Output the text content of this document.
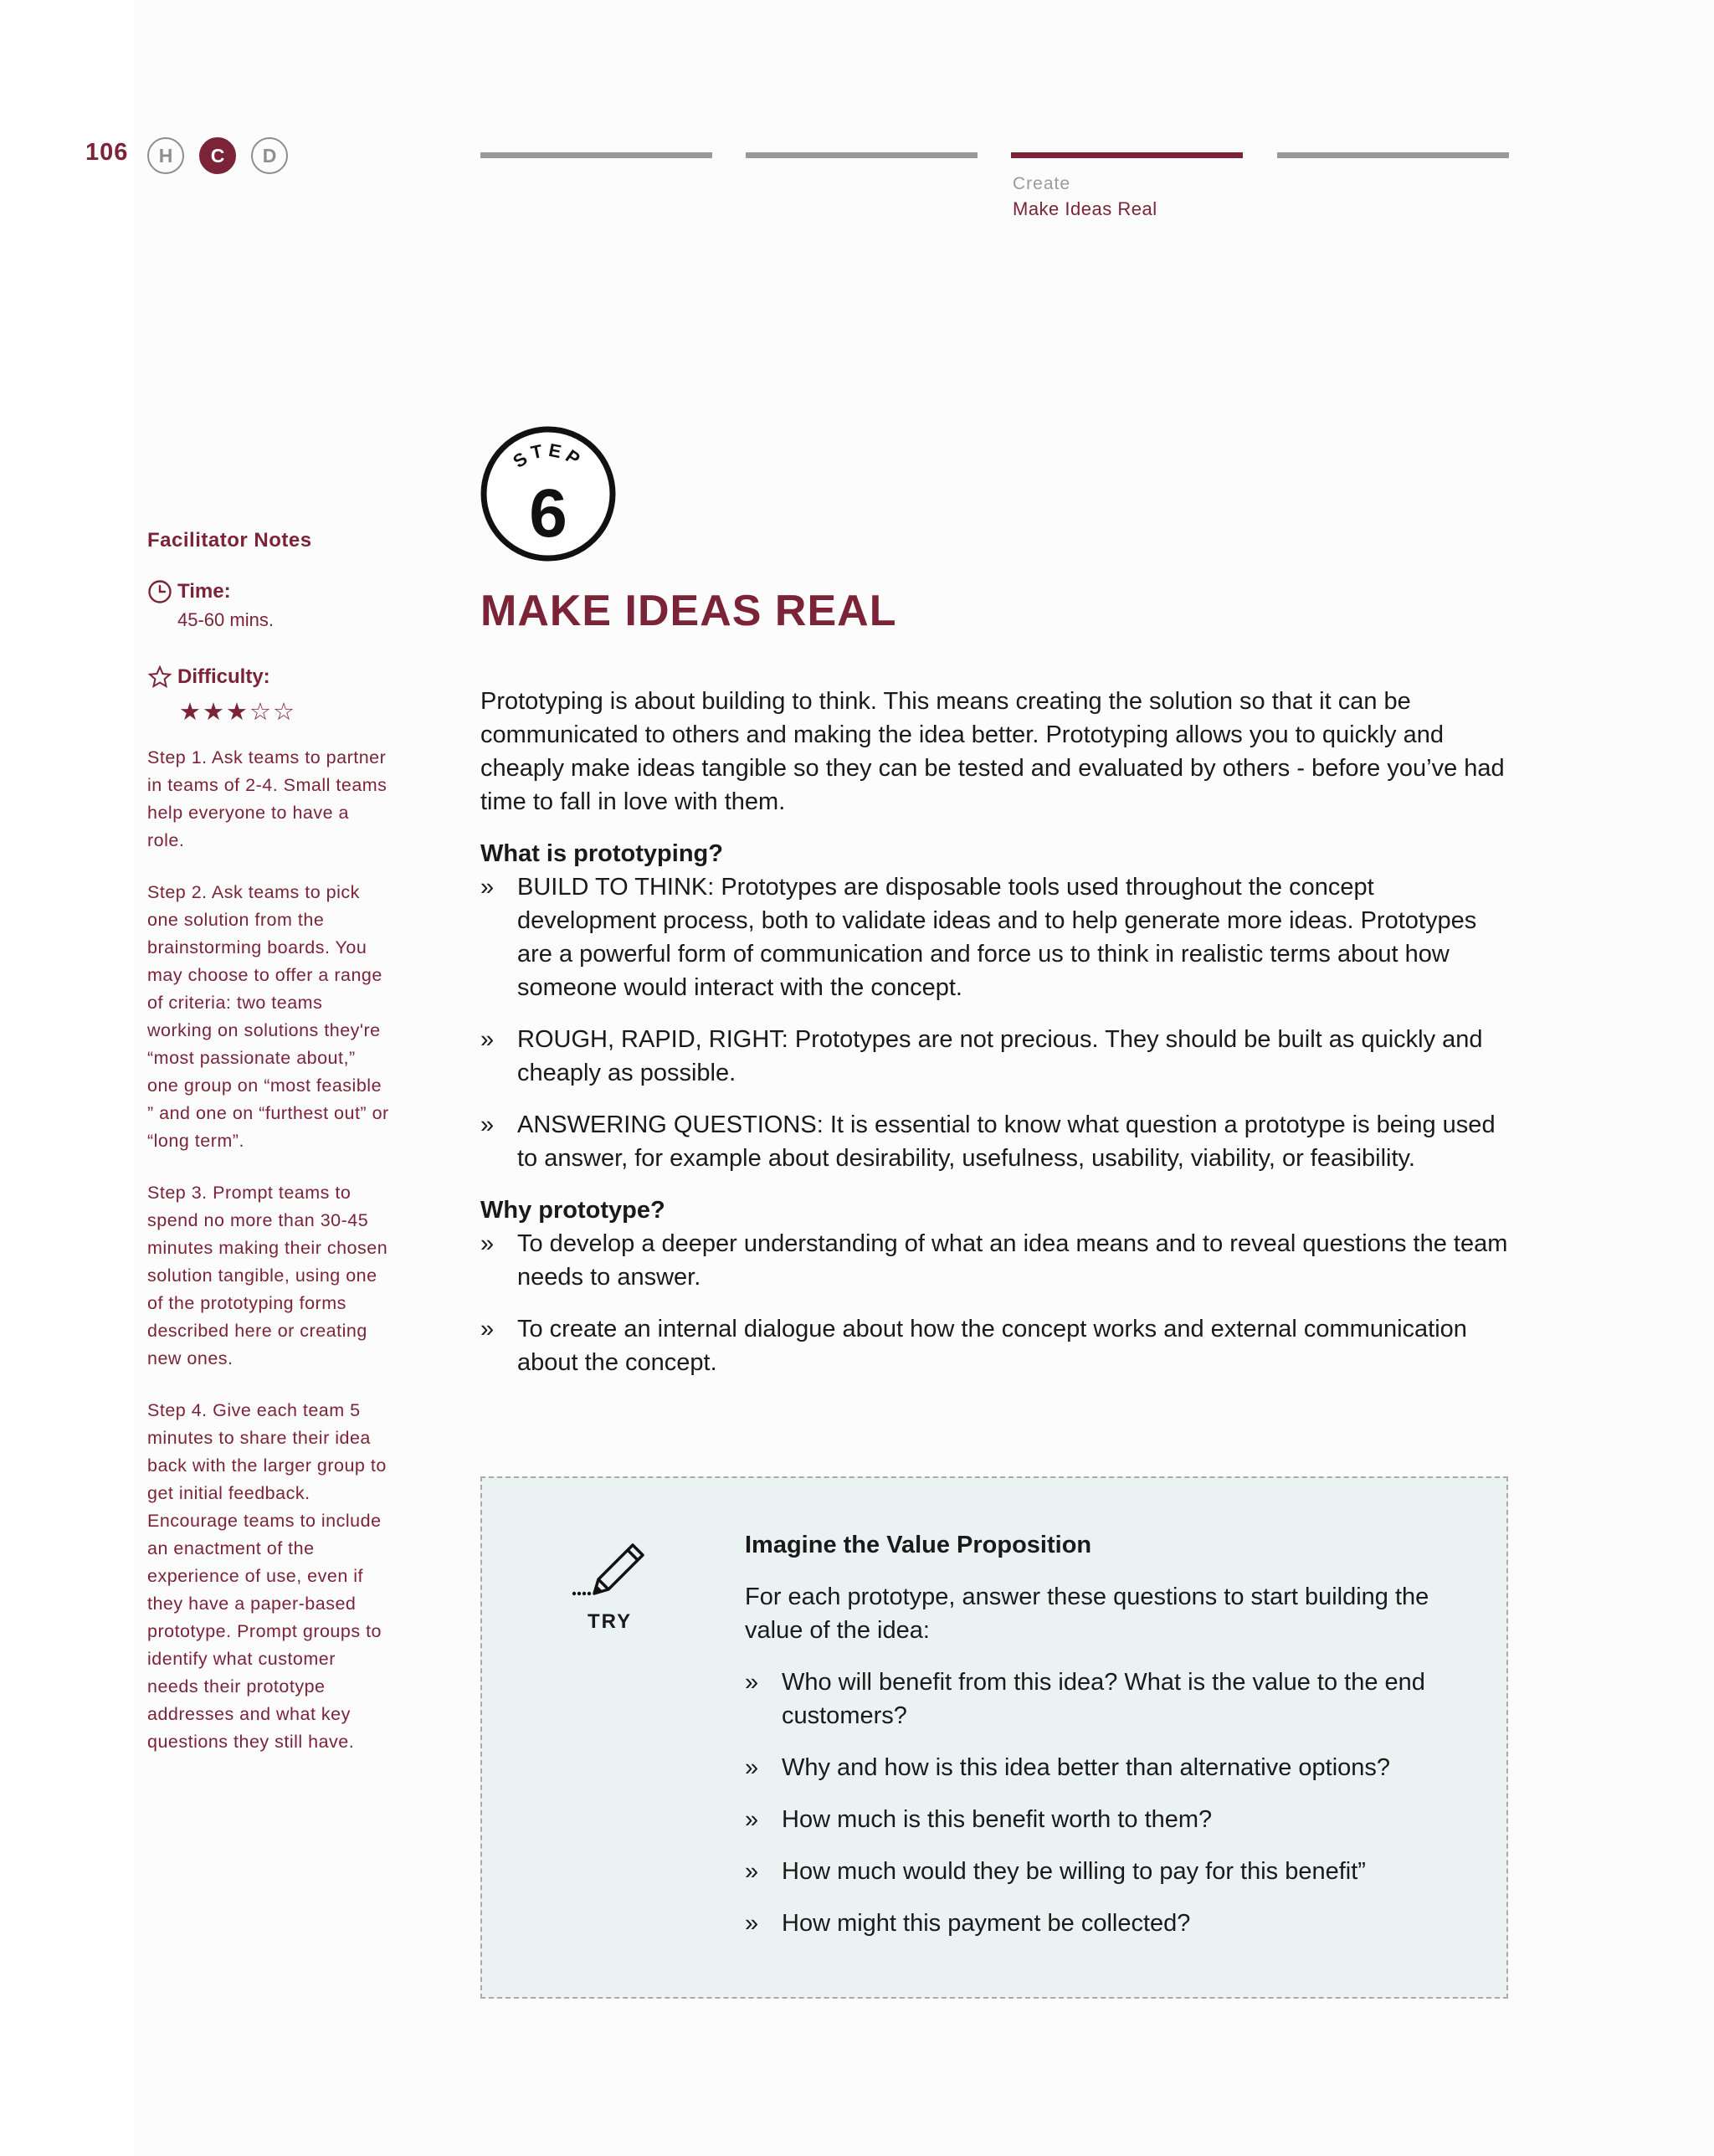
106	H	C	D
Create
Make Ideas Real
Facilitator Notes
Time:
45-60 mins.
Difficulty:
★★★☆☆

Step 1. Ask teams to partner in teams of 2-4. Small teams help everyone to have a role.

Step 2. Ask teams to pick one solution from the brainstorming boards. You may choose to offer a range of criteria: two teams working on solutions they're “most passionate about,” one group on “most feasible ” and one on “furthest out” or “long term”.

Step 3. Prompt teams to spend no more than 30-45 minutes making their chosen solution tangible, using one of the prototyping forms described here or creating new ones.

Step 4. Give each team 5 minutes to share their idea back with the larger group to get initial feedback. Encourage teams to include an enactment of the experience of use, even if they have a paper-based prototype. Prompt groups to identify what customer needs their prototype addresses and what key questions they still have.

STEP
6
MAKE IDEAS REAL

Prototyping is about building to think. This means creating the solution so that it can be communicated to others and making the idea better. Prototyping allows you to quickly and cheaply make ideas tangible so they can be tested and evaluated by others - before you’ve had time to fall in love with them.

What is prototyping?
» BUILD TO THINK: Prototypes are disposable tools used throughout the concept development process, both to validate ideas and to help generate more ideas. Prototypes are a powerful form of communication and force us to think in realistic terms about how someone would interact with the concept.
» ROUGH, RAPID, RIGHT: Prototypes are not precious. They should be built as quickly and cheaply as possible.
» ANSWERING QUESTIONS: It is essential to know what question a prototype is being used to answer, for example about desirability, usefulness, usability, viability, or feasibility.
Why prototype?
» To develop a deeper understanding of what an idea means and to reveal questions the team needs to answer.
» To create an internal dialogue about how the concept works and external communication about the concept.
TRY
Imagine the Value Proposition

For each prototype, answer these questions to start building the value of the idea:

» Who will benefit from this idea? What is the value to the end customers?
» Why and how is this idea better than alternative options?
» How much is this benefit worth to them?
» How much would they be willing to pay for this benefit”
» How might this payment be collected?
